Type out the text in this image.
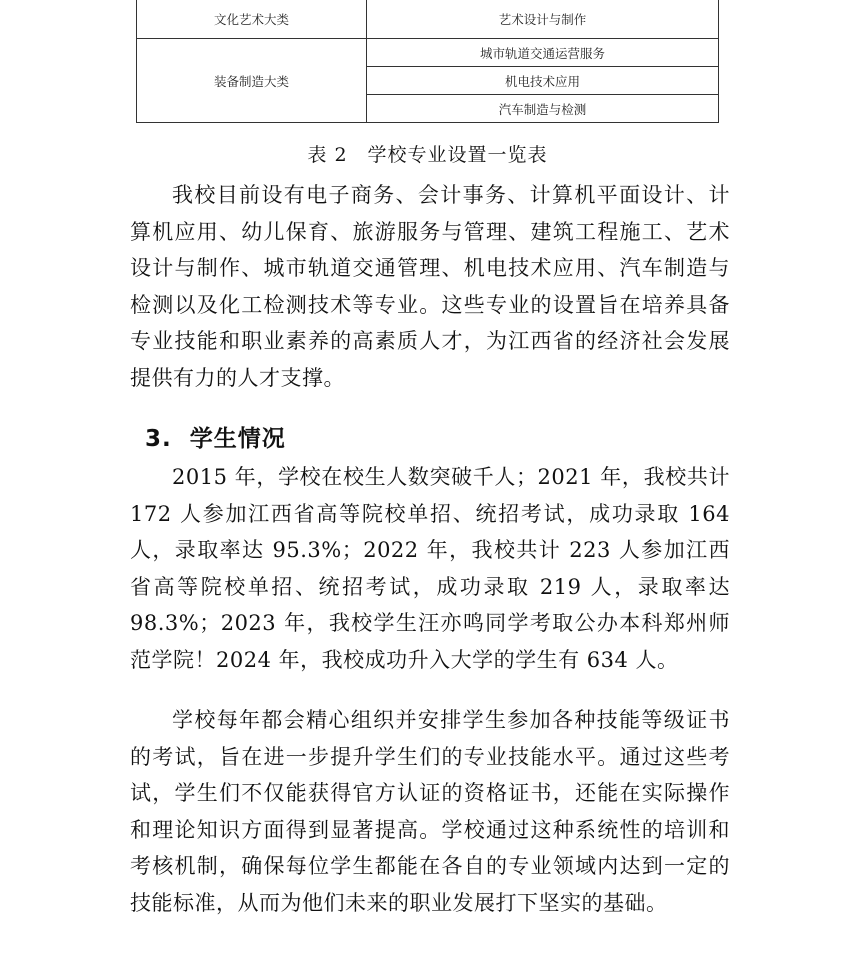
文化艺术大类	艺术设计与制作
装备制造大类	城市轨道交通运营服务
	机电技术应用
	汽车制造与检测
表 2　学校专业设置一览表

我校目前设有电子商务、会计事务、计算机平面设计、计算机应用、幼儿保育、旅游服务与管理、建筑工程施工、艺术设计与制作、城市轨道交通管理、机电技术应用、汽车制造与检测以及化工检测技术等专业。这些专业的设置旨在培养具备专业技能和职业素养的高素质人才，为江西省的经济社会发展提供有力的人才支撑。

3. 学生情况

2015 年，学校在校生人数突破千人；2021 年，我校共计 172 人参加江西省高等院校单招、统招考试，成功录取 164 人，录取率达 95.3%；2022 年，我校共计 223 人参加江西省高等院校单招、统招考试，成功录取 219 人，录取率达 98.3%；2023 年，我校学生汪亦鸣同学考取公办本科郑州师范学院！2024 年，我校成功升入大学的学生有 634 人。

学校每年都会精心组织并安排学生参加各种技能等级证书的考试，旨在进一步提升学生们的专业技能水平。通过这些考试，学生们不仅能获得官方认证的资格证书，还能在实际操作和理论知识方面得到显著提高。学校通过这种系统性的培训和考核机制，确保每位学生都能在各自的专业领域内达到一定的技能标准，从而为他们未来的职业发展打下坚实的基础。
